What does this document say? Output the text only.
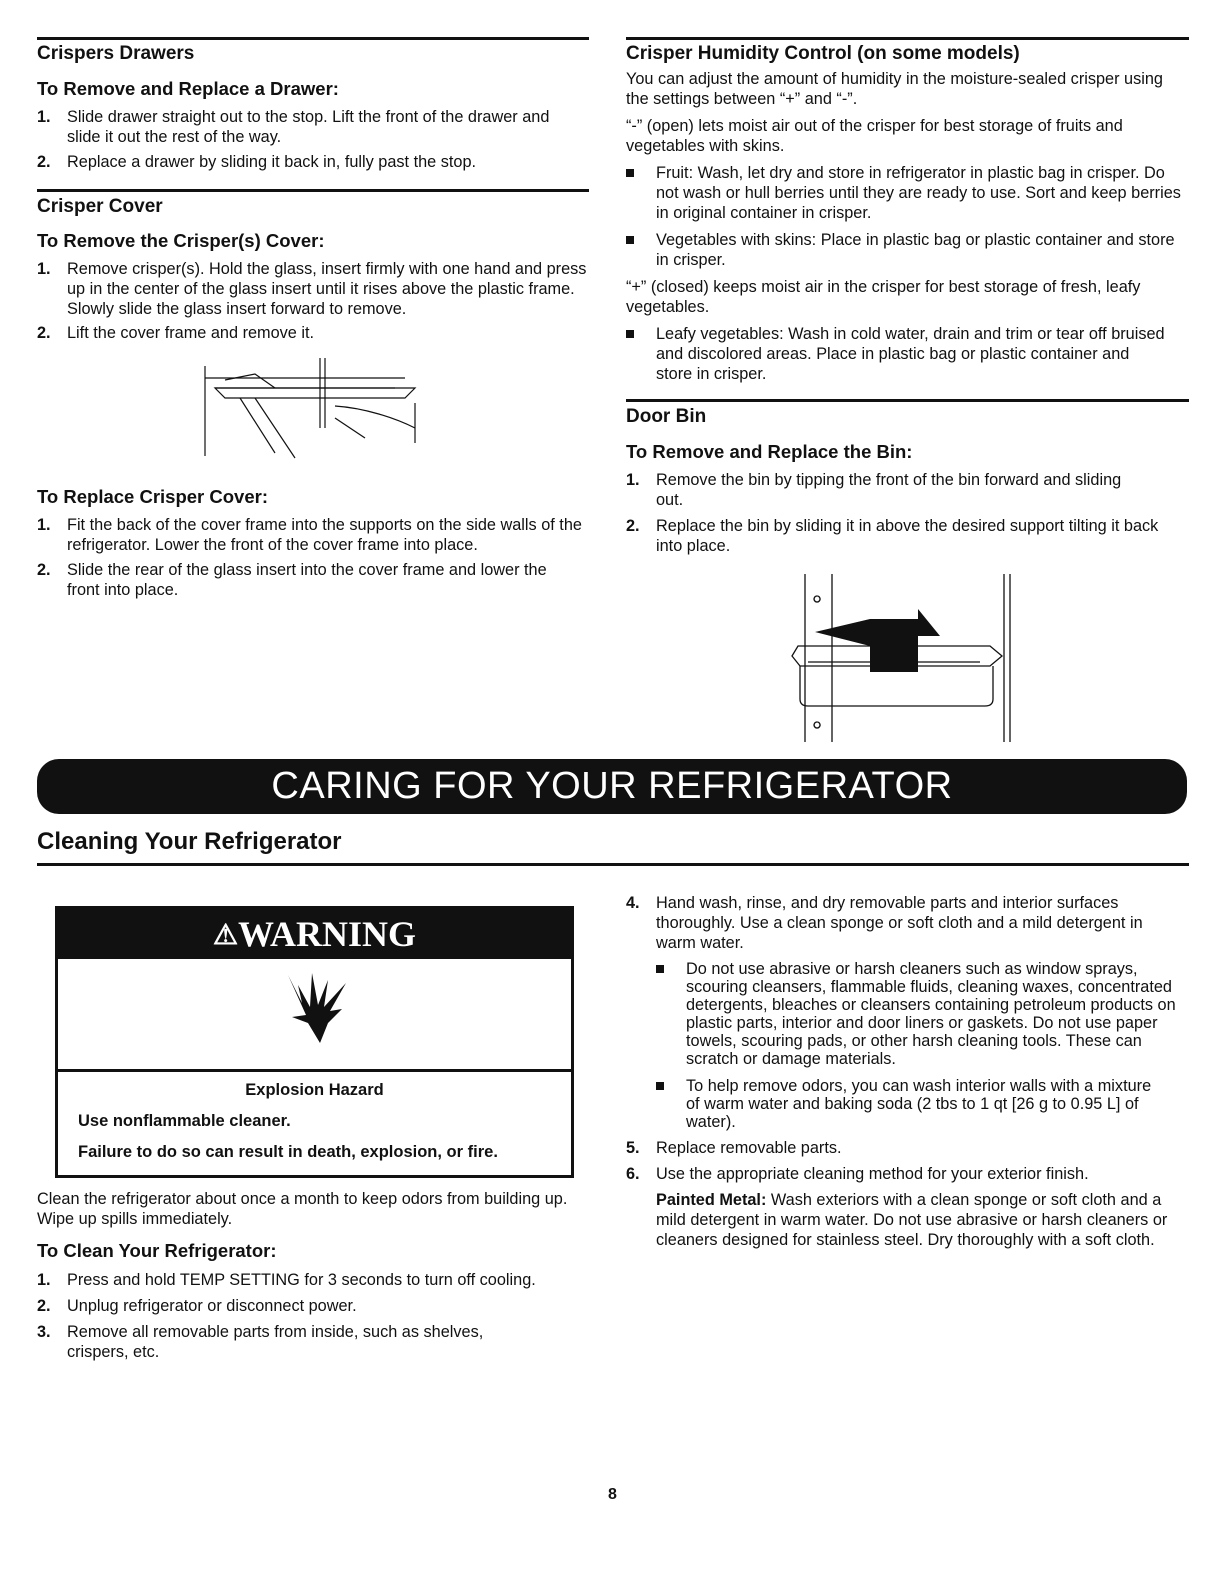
Crispers Drawers
To Remove and Replace a Drawer:
1. Slide drawer straight out to the stop. Lift the front of the drawer and slide it out the rest of the way.
2. Replace a drawer by sliding it back in, fully past the stop.
Crisper Cover
To Remove the Crisper(s) Cover:
1. Remove crisper(s). Hold the glass, insert firmly with one hand and press up in the center of the glass insert until it rises above the plastic frame. Slowly slide the glass insert forward to remove.
2. Lift the cover frame and remove it.
To Replace Crisper Cover:
1. Fit the back of the cover frame into the supports on the side walls of the refrigerator. Lower the front of the cover frame into place.
2. Slide the rear of the glass insert into the cover frame and lower the front into place.
Crisper Humidity Control (on some models)
You can adjust the amount of humidity in the moisture-sealed crisper using the settings between “+” and “-”.
“-” (open) lets moist air out of the crisper for best storage of fruits and vegetables with skins.
Fruit: Wash, let dry and store in refrigerator in plastic bag in crisper. Do not wash or hull berries until they are ready to use. Sort and keep berries in original container in crisper.
Vegetables with skins: Place in plastic bag or plastic container and store in crisper.
“+” (closed) keeps moist air in the crisper for best storage of fresh, leafy vegetables.
Leafy vegetables: Wash in cold water, drain and trim or tear off bruised and discolored areas. Place in plastic bag or plastic container and store in crisper.
Door Bin
To Remove and Replace the Bin:
1. Remove the bin by tipping the front of the bin forward and sliding out.
2. Replace the bin by sliding it in above the desired support tilting it back into place.
CARING FOR YOUR REFRIGERATOR
Cleaning Your Refrigerator
⚠WARNING
Explosion Hazard
Use nonflammable cleaner.
Failure to do so can result in death, explosion, or fire.
Clean the refrigerator about once a month to keep odors from building up. Wipe up spills immediately.
To Clean Your Refrigerator:
1. Press and hold TEMP SETTING for 3 seconds to turn off cooling.
2. Unplug refrigerator or disconnect power.
3. Remove all removable parts from inside, such as shelves, crispers, etc.
4. Hand wash, rinse, and dry removable parts and interior surfaces thoroughly. Use a clean sponge or soft cloth and a mild detergent in warm water.
Do not use abrasive or harsh cleaners such as window sprays, scouring cleansers, flammable fluids, cleaning waxes, concentrated detergents, bleaches or cleansers containing petroleum products on plastic parts, interior and door liners or gaskets. Do not use paper towels, scouring pads, or other harsh cleaning tools. These can scratch or damage materials.
To help remove odors, you can wash interior walls with a mixture of warm water and baking soda (2 tbs to 1 qt [26 g to 0.95 L] of water).
5. Replace removable parts.
6. Use the appropriate cleaning method for your exterior finish.
Painted Metal: Wash exteriors with a clean sponge or soft cloth and a mild detergent in warm water. Do not use abrasive or harsh cleaners or cleaners designed for stainless steel. Dry thoroughly with a soft cloth.
8
